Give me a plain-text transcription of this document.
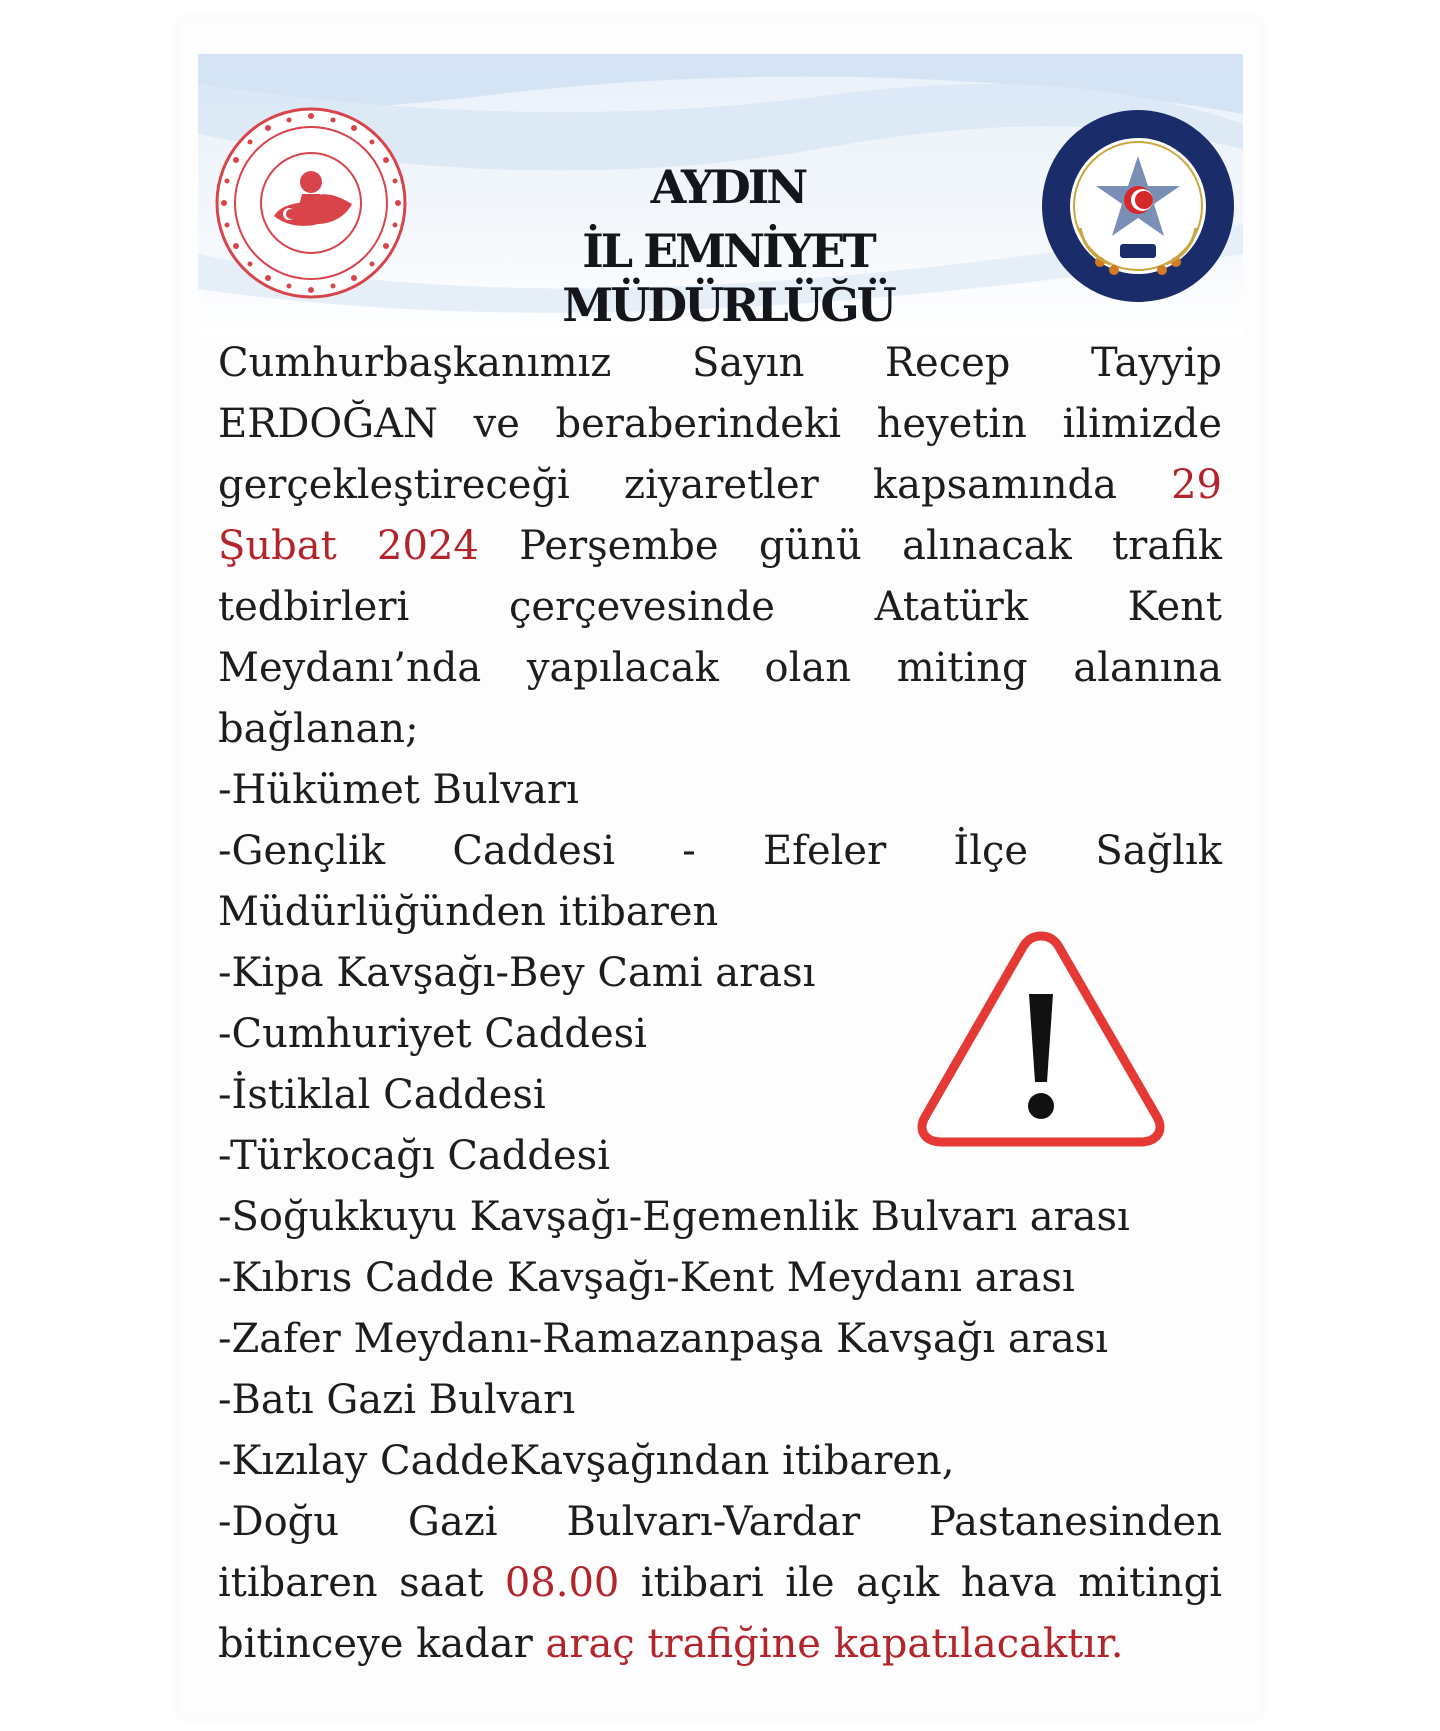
AYDIN
İL EMNİYET MÜDÜRLÜĞÜ

Cumhurbaşkanımız Sayın Recep Tayyip ERDOĞAN ve beraberindeki heyetin ilimizde gerçekleştireceği ziyaretler kapsamında 29 Şubat 2024 Perşembe günü alınacak trafik tedbirleri çerçevesinde Atatürk Kent Meydanı’nda yapılacak olan miting alanına bağlanan;

-Hükümet Bulvarı
-Gençlik Caddesi - Efeler İlçe Sağlık Müdürlüğünden itibaren
-Kipa Kavşağı-Bey Cami arası
-Cumhuriyet Caddesi
-İstiklal Caddesi
-Türkocağı Caddesi
-Soğukkuyu Kavşağı-Egemenlik Bulvarı arası
-Kıbrıs Cadde Kavşağı-Kent Meydanı arası
-Zafer Meydanı-Ramazanpaşa Kavşağı arası
-Batı Gazi Bulvarı
-Kızılay CaddeKavşağından itibaren,

-Doğu Gazi Bulvarı-Vardar Pastanesinden itibaren saat 08.00 itibari ile açık hava mitingi bitinceye kadar araç trafiğine kapatılacaktır.
